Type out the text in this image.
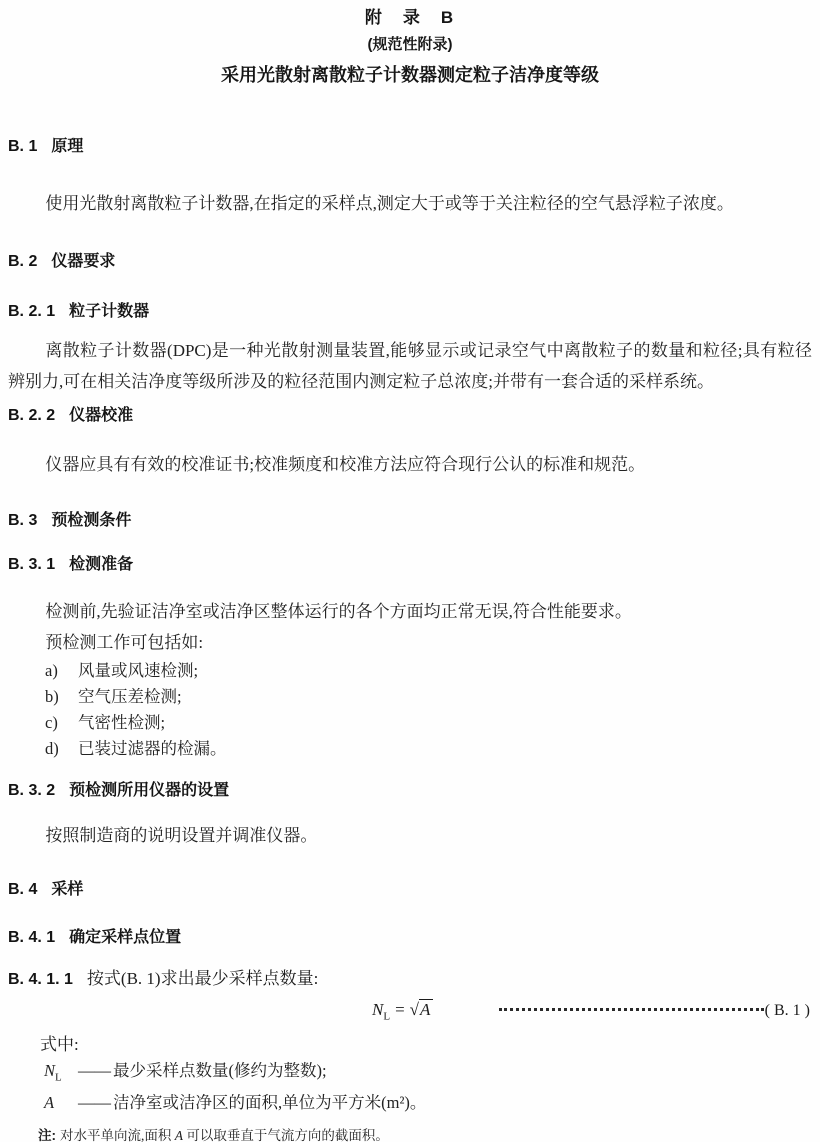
附　录　B
(规范性附录)
采用光散射离散粒子计数器测定粒子洁净度等级
B. 1 原理

使用光散射离散粒子计数器,在指定的采样点,测定大于或等于关注粒径的空气悬浮粒子浓度。

B. 2 仪器要求
B. 2. 1 粒子计数器

离散粒子计数器(DPC)是一种光散射测量装置,能够显示或记录空气中离散粒子的数量和粒径;具有粒径辨别力,可在相关洁净度等级所涉及的粒径范围内测定粒子总浓度;并带有一套合适的采样系统。

B. 2. 2 仪器校准

仪器应具有有效的校准证书;校准频度和校准方法应符合现行公认的标准和规范。

B. 3 预检测条件
B. 3. 1 检测准备

检测前,先验证洁净室或洁净区整体运行的各个方面均正常无误,符合性能要求。

预检测工作可包括如:

a) 风量或风速检测;
b) 空气压差检测;
c) 气密性检测;
d) 已装过滤器的检漏。
B. 3. 2 预检测所用仪器的设置

按照制造商的说明设置并调准仪器。

B. 4 采样
B. 4. 1 确定采样点位置
B. 4. 1. 1 按式(B. 1)求出最少采样点数量:
$N_L = √A$	( B. 1 )
式中:
$N_L$ —— 最少采样点数量(修约为整数);
A	—— 洁净室或洁净区的面积,单位为平方米(m²)。
注: 对水平单向流,面积 A 可以取垂直于气流方向的截面积。
